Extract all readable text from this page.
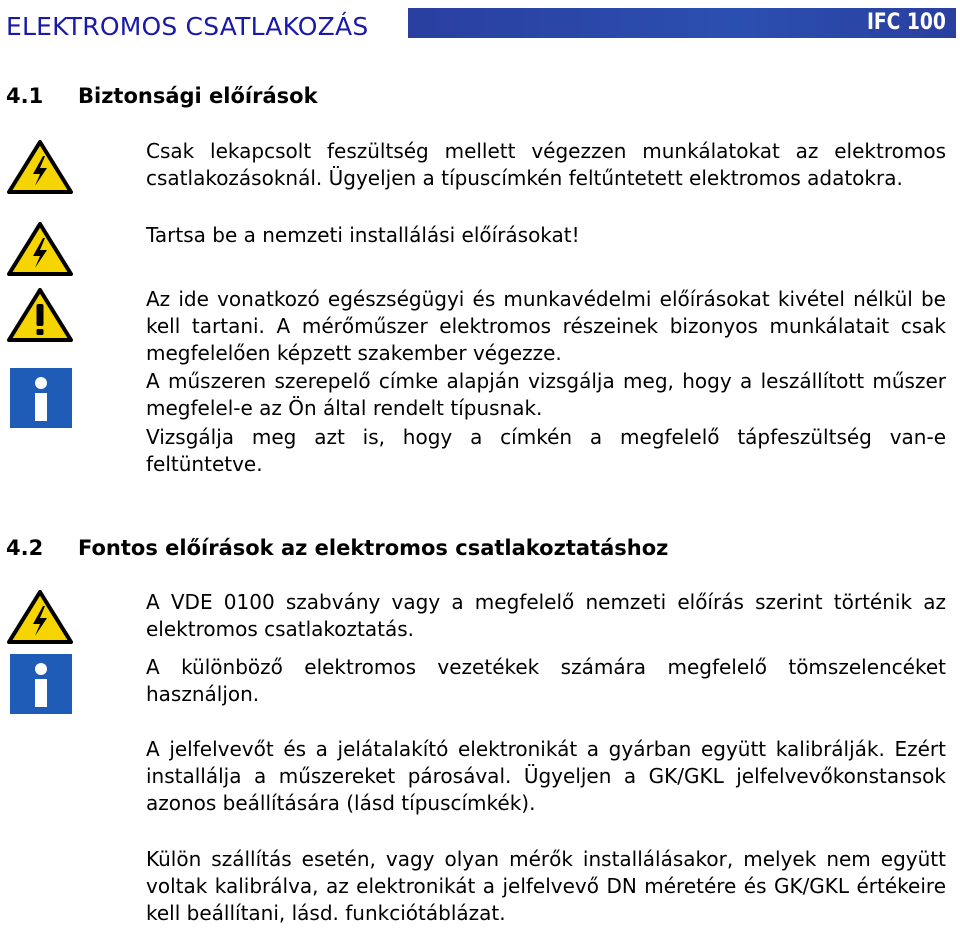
ELEKTROMOS CSATLAKOZÁS	IFC 100
4.1 Biztonsági előírások
Csak lekapcsolt feszültség mellett végezzen munkálatokat az elektromos csatlakozásoknál. Ügyeljen a típuscímkén feltűntetett elektromos adatokra.
Tartsa be a nemzeti installálási előírásokat!
Az ide vonatkozó egészségügyi és munkavédelmi előírásokat kivétel nélkül be kell tartani. A mérőműszer elektromos részeinek bizonyos munkálatait csak megfelelően képzett szakember végezze.
A műszeren szerepelő címke alapján vizsgálja meg, hogy a leszállított műszer megfelel-e az Ön által rendelt típusnak.
Vizsgálja meg azt is, hogy a címkén a megfelelő tápfeszültség van-e feltüntetve.
4.2 Fontos előírások az elektromos csatlakoztatáshoz
A VDE 0100 szabvány vagy a megfelelő nemzeti előírás szerint történik az elektromos csatlakoztatás.
A különböző elektromos vezetékek számára megfelelő tömszelencéket használjon.
A jelfelvevőt és a jelátalakító elektronikát a gyárban együtt kalibrálják. Ezért installálja a műszereket párosával. Ügyeljen a GK/GKL jelfelvevőkonstansok azonos beállítására (lásd típuscímkék).
Külön szállítás esetén, vagy olyan mérők installálásakor, melyek nem együtt voltak kalibrálva, az elektronikát a jelfelvevő DN méretére és GK/GKL értékeire kell beállítani, lásd. funkciótáblázat.
